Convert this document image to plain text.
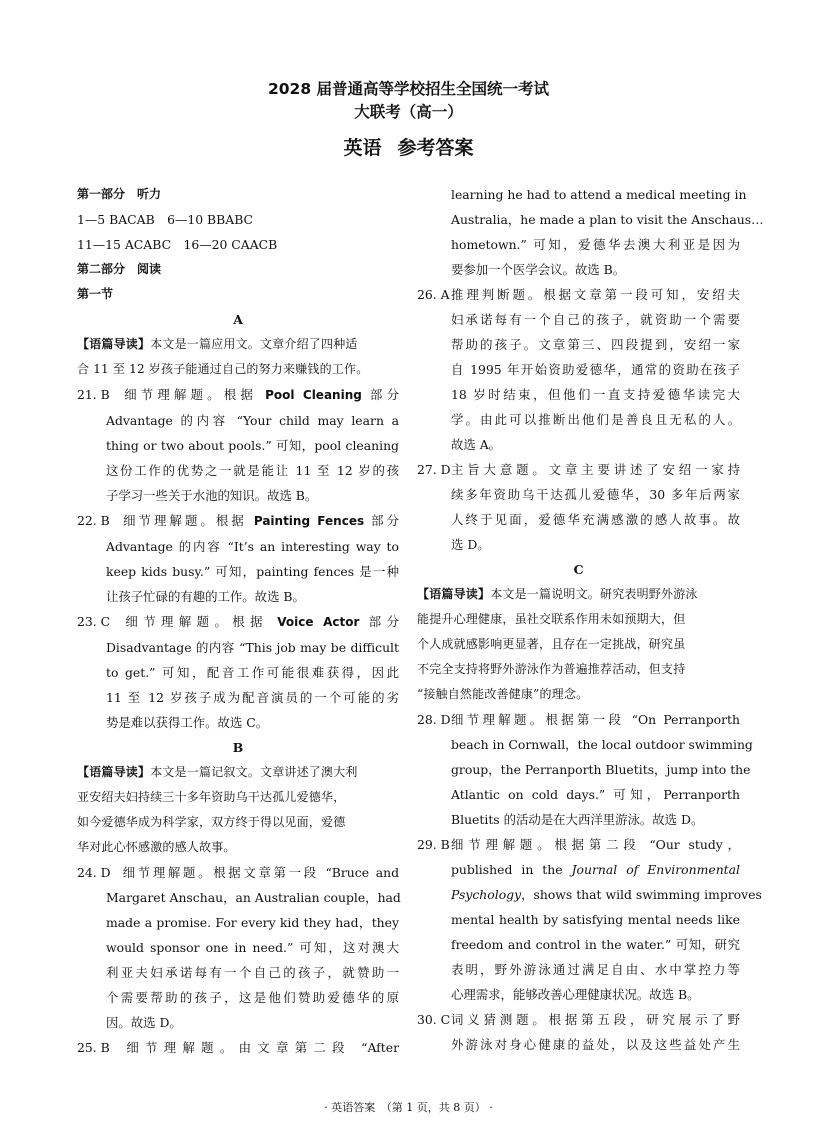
2028 届普通高等学校招生全国统一考试
大联考（高一）
英语 参考答案
第一部分　听力
1—5 BACAB　6—10 BBABC
11—15 ACABC　16—20 CAACB
第二部分　阅读
第一节
A
【语篇导读】本文是一篇应用文。文章介绍了四种适
合 11 至 12 岁孩子能通过自己的努力来赚钱的工作。
21. B 细节理解题。根据 Pool Cleaning 部分
Advantage 的内容 “Your child may learn a
thing or two about pools.” 可知，pool cleaning
这份工作的优势之一就是能让 11 至 12 岁的孩
子学习一些关于水池的知识。故选 B。
22. B 细节理解题。根据 Painting Fences 部分
Advantage 的内容 “It’s an interesting way to
keep kids busy.” 可知，painting fences 是一种
让孩子忙碌的有趣的工作。故选 B。
23. C 细节理解题。根据 Voice Actor 部分
Disadvantage 的内容 “This job may be difficult
to get.” 可知，配音工作可能很难获得，因此
11 至 12 岁孩子成为配音演员的一个可能的劣
势是难以获得工作。故选 C。
B
【语篇导读】本文是一篇记叙文。文章讲述了澳大利
亚安绍夫妇持续三十多年资助乌干达孤儿爱德华，
如今爱德华成为科学家，双方终于得以见面，爱德
华对此心怀感激的感人故事。
24. D 细节理解题。根据文章第一段 “Bruce and
Margaret Anschau，an Australian couple，had
made a promise. For every kid they had，they
would sponsor one in need.” 可知，这对澳大
利亚夫妇承诺每有一个自己的孩子，就赞助一
个需要帮助的孩子，这是他们赞助爱德华的原
因。故选 D。
25. B 细节理解题。由文章第二段 “After
learning he had to attend a medical meeting in
Australia，he made a plan to visit the Anschaus…
hometown.” 可知，爱德华去澳大利亚是因为
要参加一个医学会议。故选 B。
26. A 推理判断题。根据文章第一段可知，安绍夫
妇承诺每有一个自己的孩子，就资助一个需要
帮助的孩子。文章第三、四段提到，安绍一家
自 1995 年开始资助爱德华，通常的资助在孩子
18 岁时结束，但他们一直支持爱德华读完大
学。由此可以推断出他们是善良且无私的人。
故选 A。
27. D 主旨大意题。文章主要讲述了安绍一家持
续多年资助乌干达孤儿爱德华，30 多年后两家
人终于见面，爱德华充满感激的感人故事。故
选 D。
C
【语篇导读】本文是一篇说明文。研究表明野外游泳
能提升心理健康，虽社交联系作用未如预期大，但
个人成就感影响更显著，且存在一定挑战，研究虽
不完全支持将野外游泳作为普遍推荐活动，但支持
“接触自然能改善健康”的理念。
28. D 细节理解题。根据第一段 “On Perranporth
beach in Cornwall，the local outdoor swimming
group，the Perranporth Bluetits，jump into the
Atlantic on cold days.” 可知，Perranporth
Bluetits 的活动是在大西洋里游泳。故选 D。
29. B 细节理解题。根据第二段 “Our study，
published in the Journal of Environmental
Psychology，shows that wild swimming improves
mental health by satisfying mental needs like
freedom and control in the water.” 可知，研究
表明，野外游泳通过满足自由、水中掌控力等
心理需求，能够改善心理健康状况。故选 B。
30. C 词义猜测题。根据第五段，研究展示了野
外游泳对身心健康的益处，以及这些益处产生
· 英语答案　（第 1 页，共 8 页） ·
